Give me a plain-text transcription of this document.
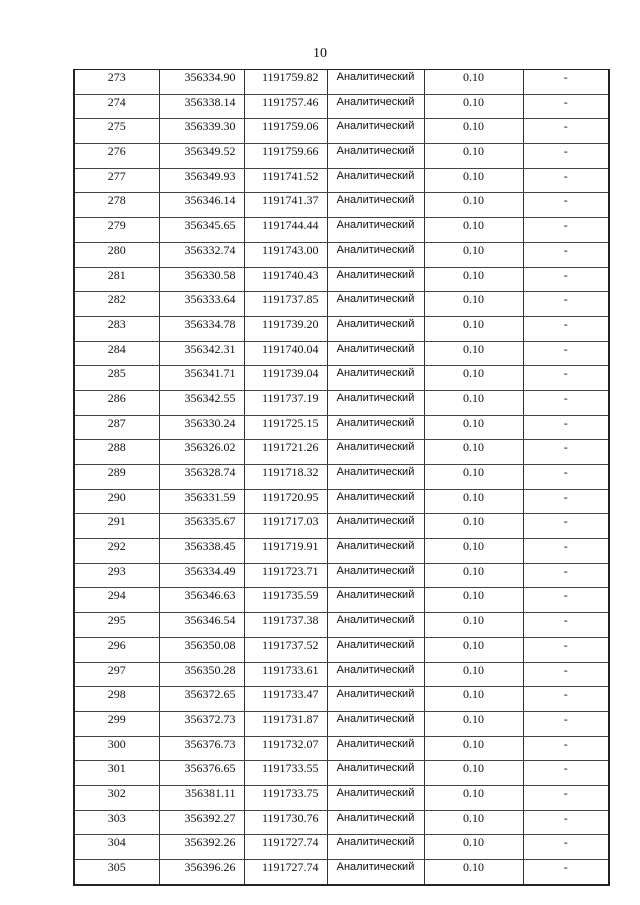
10
273	356334.90	1191759.82	Аналитический	0.10	-
274	356338.14	1191757.46	Аналитический	0.10	-
275	356339.30	1191759.06	Аналитический	0.10	-
276	356349.52	1191759.66	Аналитический	0.10	-
277	356349.93	1191741.52	Аналитический	0.10	-
278	356346.14	1191741.37	Аналитический	0.10	-
279	356345.65	1191744.44	Аналитический	0.10	-
280	356332.74	1191743.00	Аналитический	0.10	-
281	356330.58	1191740.43	Аналитический	0.10	-
282	356333.64	1191737.85	Аналитический	0.10	-
283	356334.78	1191739.20	Аналитический	0.10	-
284	356342.31	1191740.04	Аналитический	0.10	-
285	356341.71	1191739.04	Аналитический	0.10	-
286	356342.55	1191737.19	Аналитический	0.10	-
287	356330.24	1191725.15	Аналитический	0.10	-
288	356326.02	1191721.26	Аналитический	0.10	-
289	356328.74	1191718.32	Аналитический	0.10	-
290	356331.59	1191720.95	Аналитический	0.10	-
291	356335.67	1191717.03	Аналитический	0.10	-
292	356338.45	1191719.91	Аналитический	0.10	-
293	356334.49	1191723.71	Аналитический	0.10	-
294	356346.63	1191735.59	Аналитический	0.10	-
295	356346.54	1191737.38	Аналитический	0.10	-
296	356350.08	1191737.52	Аналитический	0.10	-
297	356350.28	1191733.61	Аналитический	0.10	-
298	356372.65	1191733.47	Аналитический	0.10	-
299	356372.73	1191731.87	Аналитический	0.10	-
300	356376.73	1191732.07	Аналитический	0.10	-
301	356376.65	1191733.55	Аналитический	0.10	-
302	356381.11	1191733.75	Аналитический	0.10	-
303	356392.27	1191730.76	Аналитический	0.10	-
304	356392.26	1191727.74	Аналитический	0.10	-
305	356396.26	1191727.74	Аналитический	0.10	-
